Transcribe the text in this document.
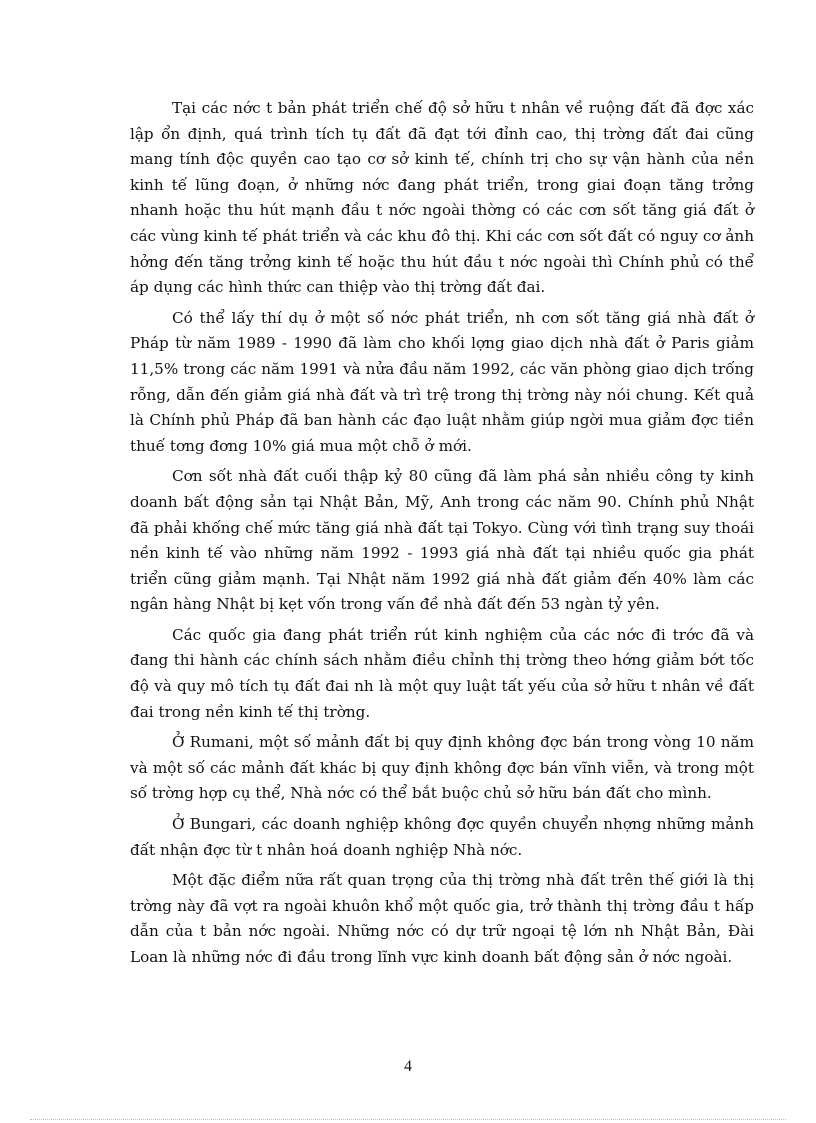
Tại các nớc t bản phát triển chế độ sở hữu t nhân về ruộng đất đã đợc xác lập ổn định, quá trình tích tụ đất đã đạt tới đỉnh cao, thị trờng đất đai cũng mang tính độc quyền cao tạo cơ sở kinh tế, chính trị cho sự vận hành của nền kinh tế lũng đoạn, ở những nớc đang phát triển, trong giai đoạn tăng trởng nhanh hoặc thu hút mạnh đầu t nớc ngoài thờng có các cơn sốt tăng giá đất ở các vùng kinh tế phát triển và các khu đô thị. Khi các cơn sốt đất có nguy cơ ảnh hởng đến tăng trởng kinh tế hoặc thu hút đầu t nớc ngoài thì Chính phủ có thể áp dụng các hình thức can thiệp vào thị trờng đất đai.

Có thể lấy thí dụ ở một số nớc phát triển, nh cơn sốt tăng giá nhà đất ở Pháp từ năm 1989 - 1990 đã làm cho khối lợng giao dịch nhà đất ở Paris giảm 11,5% trong các năm 1991 và nửa đầu năm 1992, các văn phòng giao dịch trống rỗng, dẫn đến giảm giá nhà đất và trì trệ trong thị trờng này nói chung. Kết quả là Chính phủ Pháp đã ban hành các đạo luật nhằm giúp ngời mua giảm đợc tiền thuế tơng đơng 10% giá mua một chỗ ở mới.

Cơn sốt nhà đất cuối thập kỷ 80 cũng đã làm phá sản nhiều công ty kinh doanh bất động sản tại Nhật Bản, Mỹ, Anh trong các năm 90. Chính phủ Nhật đã phải khống chế mức tăng giá nhà đất tại Tokyo. Cùng với tình trạng suy thoái nền kinh tế vào những năm 1992 - 1993 giá nhà đất tại nhiều quốc gia phát triển cũng giảm mạnh. Tại Nhật năm 1992 giá nhà đất giảm đến 40% làm các ngân hàng Nhật bị kẹt vốn trong vấn đề nhà đất đến 53 ngàn tỷ yên.

Các quốc gia đang phát triển rút kinh nghiệm của các nớc đi trớc đã và đang thi hành các chính sách nhằm điều chỉnh thị trờng theo hớng giảm bớt tốc độ và quy mô tích tụ đất đai nh là một quy luật tất yếu của sở hữu t nhân về đất đai trong nền kinh tế thị trờng.

Ở Rumani, một số mảnh đất bị quy định không đợc bán trong vòng 10 năm và một số các mảnh đất khác bị quy định không đợc bán vĩnh viễn, và trong một số trờng hợp cụ thể, Nhà nớc có thể bắt buộc chủ sở hữu bán đất cho mình.

Ở Bungari, các doanh nghiệp không đợc quyền chuyển nhợng những mảnh đất nhận đợc từ t nhân hoá doanh nghiệp Nhà nớc.

Một đặc điểm nữa rất quan trọng của thị trờng nhà đất trên thế giới là thị trờng này đã vợt ra ngoài khuôn khổ một quốc gia, trở thành thị trờng đầu t hấp dẫn của t bản nớc ngoài. Những nớc có dự trữ ngoại tệ lớn nh Nhật Bản, Đài Loan là những nớc đi đầu trong lĩnh vực kinh doanh bất động sản ở nớc ngoài.

4
